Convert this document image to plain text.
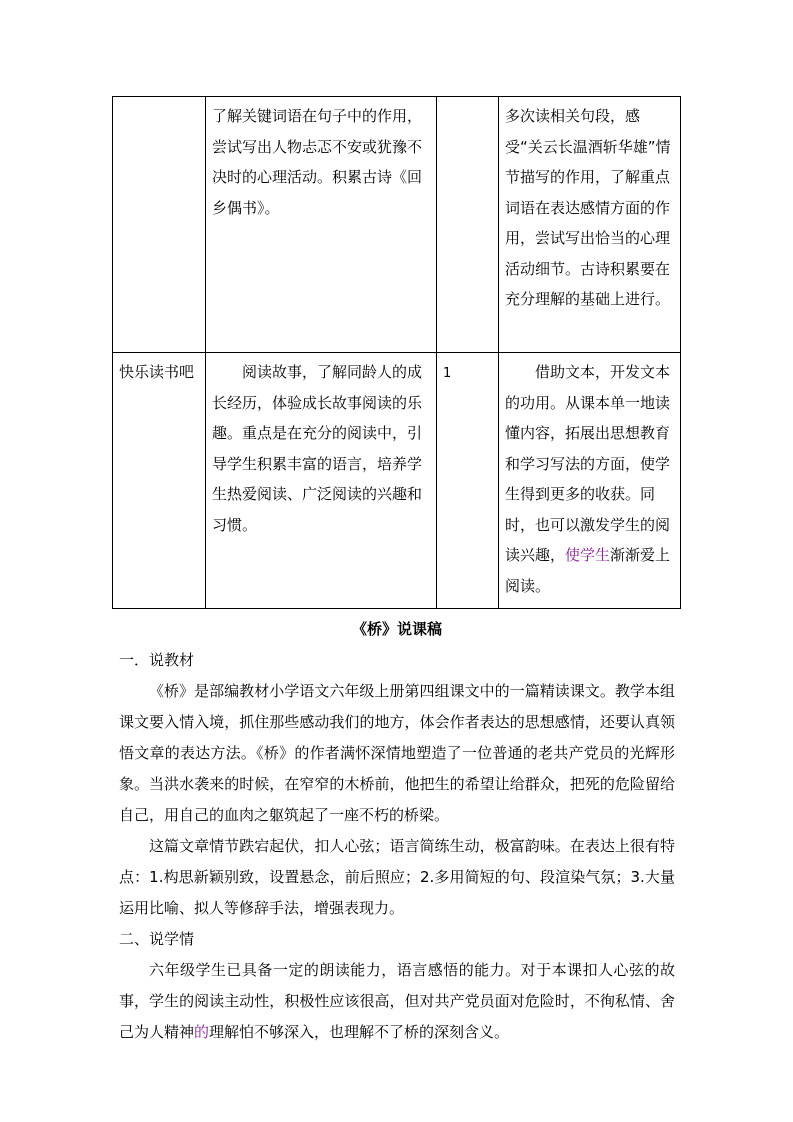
	了解关键词语在句子中的作用，尝试写出人物忐忑不安或犹豫不决时的心理活动。积累古诗《回乡偶书》。		多次读相关句段，感受“关云长温酒斩华雄”情节描写的作用，了解重点词语在表达感情方面的作用，尝试写出恰当的心理活动细节。古诗积累要在充分理解的基础上进行。
快乐读书吧	阅读故事，了解同龄人的成长经历，体验成长故事阅读的乐趣。重点是在充分的阅读中，引导学生积累丰富的语言，培养学生热爱阅读、广泛阅读的兴趣和习惯。	1	借助文本，开发文本的功用。从课本单一地读懂内容，拓展出思想教育和学习写法的方面，使学生得到更多的收获。同时，也可以激发学生的阅读兴趣，使学生渐渐爱上阅读。

《桥》说课稿

一．说教材

《桥》是部编教材小学语文六年级上册第四组课文中的一篇精读课文。教学本组课文要入情入境，抓住那些感动我们的地方，体会作者表达的思想感情，还要认真领悟文章的表达方法。《桥》的作者满怀深情地塑造了一位普通的老共产党员的光辉形象。当洪水袭来的时候，在窄窄的木桥前，他把生的希望让给群众，把死的危险留给自己，用自己的血肉之躯筑起了一座不朽的桥梁。

这篇文章情节跌宕起伏，扣人心弦；语言简练生动，极富韵味。在表达上很有特点：1.构思新颖别致，设置悬念，前后照应；2.多用简短的句、段渲染气氛；3.大量运用比喻、拟人等修辞手法，增强表现力。

二、说学情

六年级学生已具备一定的朗读能力，语言感悟的能力。对于本课扣人心弦的故事，学生的阅读主动性，积极性应该很高，但对共产党员面对危险时，不徇私情、舍己为人精神的理解怕不够深入，也理解不了桥的深刻含义。
